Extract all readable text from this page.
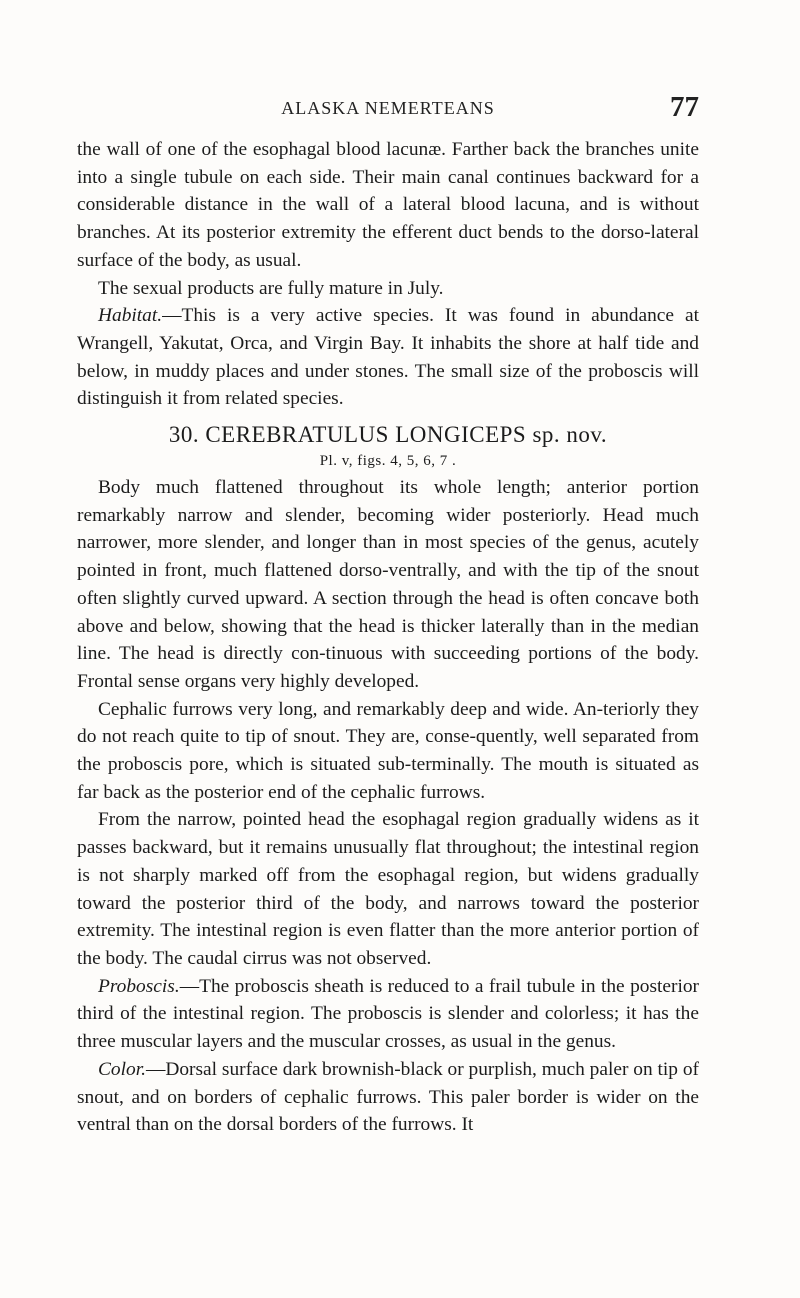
ALASKA NEMERTEANS	77

the wall of one of the esophagal blood lacunæ. Farther back the branches unite into a single tubule on each side. Their main canal continues backward for a considerable distance in the wall of a lateral blood lacuna, and is without branches. At its posterior extremity the efferent duct bends to the dorso-lateral surface of the body, as usual.

The sexual products are fully mature in July.

Habitat.—This is a very active species. It was found in abundance at Wrangell, Yakutat, Orca, and Virgin Bay. It inhabits the shore at half tide and below, in muddy places and under stones. The small size of the proboscis will distinguish it from related species.

30. CEREBRATULUS LONGICEPS sp. nov.
Pl. v, figs. 4, 5, 6, 7 .

Body much flattened throughout its whole length; anterior portion remarkably narrow and slender, becoming wider posteriorly. Head much narrower, more slender, and longer than in most species of the genus, acutely pointed in front, much flattened dorso-ventrally, and with the tip of the snout often slightly curved upward. A section through the head is often concave both above and below, showing that the head is thicker laterally than in the median line. The head is directly con-tinuous with succeeding portions of the body. Frontal sense organs very highly developed.

Cephalic furrows very long, and remarkably deep and wide. An-teriorly they do not reach quite to tip of snout. They are, conse-quently, well separated from the proboscis pore, which is situated sub-terminally. The mouth is situated as far back as the posterior end of the cephalic furrows.

From the narrow, pointed head the esophagal region gradually widens as it passes backward, but it remains unusually flat throughout; the intestinal region is not sharply marked off from the esophagal region, but widens gradually toward the posterior third of the body, and narrows toward the posterior extremity. The intestinal region is even flatter than the more anterior portion of the body. The caudal cirrus was not observed.

Proboscis.—The proboscis sheath is reduced to a frail tubule in the posterior third of the intestinal region. The proboscis is slender and colorless; it has the three muscular layers and the muscular crosses, as usual in the genus.

Color.—Dorsal surface dark brownish-black or purplish, much paler on tip of snout, and on borders of cephalic furrows. This paler border is wider on the ventral than on the dorsal borders of the furrows. It
